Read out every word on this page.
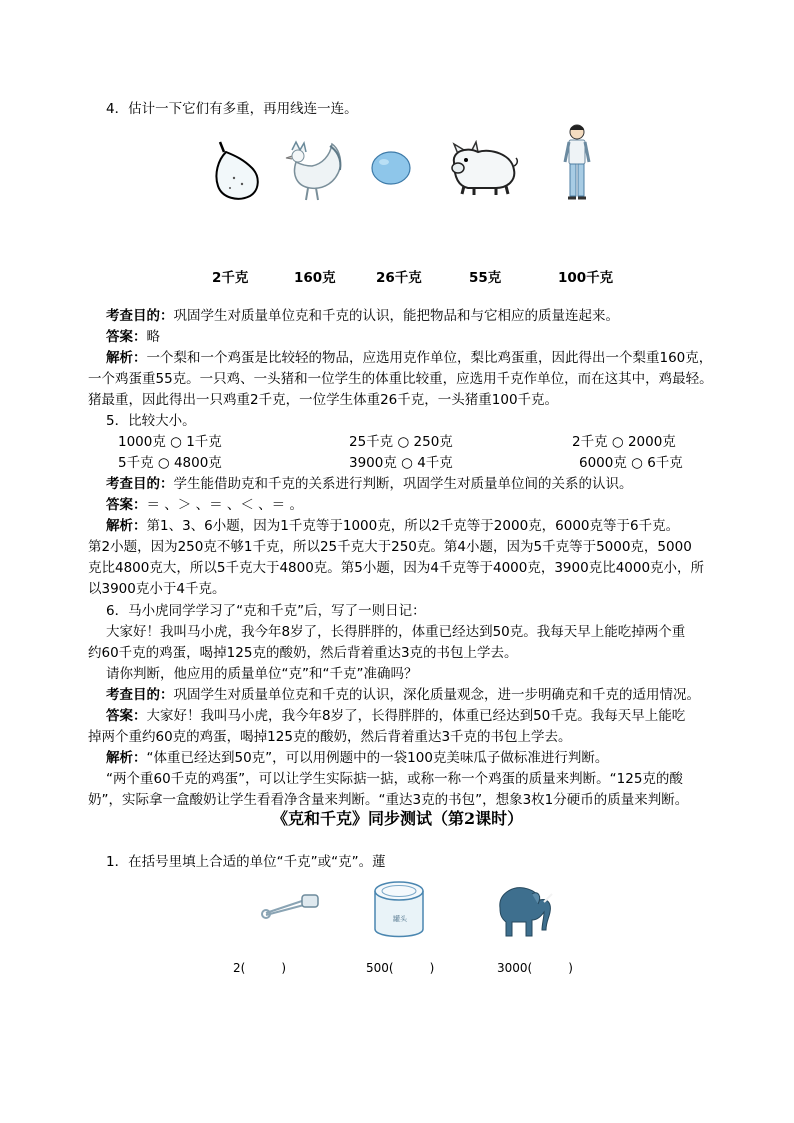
4．估计一下它们有多重，再用线连一连。
2千克	160克	26千克	55克	100千克
考查目的：巩固学生对质量单位克和千克的认识，能把物品和与它相应的质量连起来。
答案：略
解析：一个梨和一个鸡蛋是比较轻的物品，应选用克作单位，梨比鸡蛋重，因此得出一个梨重160克，
一个鸡蛋重55克。一只鸡、一头猪和一位学生的体重比较重，应选用千克作单位，而在这其中，鸡最轻。
猪最重，因此得出一只鸡重2千克，一位学生体重26千克，一头猪重100千克。
5．比较大小。
1000克 ○ 1千克	25千克 ○ 250克	2千克 ○ 2000克
5千克 ○ 4800克	3900克 ○ 4千克	6000克 ○ 6千克
考查目的：学生能借助克和千克的关系进行判断，巩固学生对质量单位间的关系的认识。
答案：＝ 、＞ 、＝ 、＜ 、＝ 。
解析：第1、3、6小题，因为1千克等于1000克，所以2千克等于2000克，6000克等于6千克。
第2小题，因为250克不够1千克，所以25千克大于250克。第4小题，因为5千克等于5000克，5000
克比4800克大，所以5千克大于4800克。第5小题，因为4千克等于4000克，3900克比4000克小，所
以3900克小于4千克。
6．马小虎同学学习了“克和千克”后，写了一则日记：
大家好！我叫马小虎，我今年8岁了，长得胖胖的，体重已经达到50克。我每天早上能吃掉两个重
约60千克的鸡蛋，喝掉125克的酸奶，然后背着重达3克的书包上学去。
请你判断，他应用的质量单位“克”和“千克”准确吗？
考查目的：巩固学生对质量单位克和千克的认识，深化质量观念，进一步明确克和千克的适用情况。
答案：大家好！我叫马小虎，我今年8岁了，长得胖胖的，体重已经达到50千克。我每天早上能吃
掉两个重约60克的鸡蛋，喝掉125克的酸奶，然后背着重达3千克的书包上学去。
解析：“体重已经达到50克”，可以用例题中的一袋100克美味瓜子做标准进行判断。
“两个重60千克的鸡蛋”，可以让学生实际掂一掂，或称一称一个鸡蛋的质量来判断。“125克的酸
奶”，实际拿一盒酸奶让学生看看净含量来判断。“重达3克的书包”，想象3枚1分硬币的质量来判断。
《克和千克》同步测试（第2课时）
1．在括号里填上合适的单位“千克”或“克”。蓮
罐头
2(　　　)	500(　　　)	3000(　　　)
